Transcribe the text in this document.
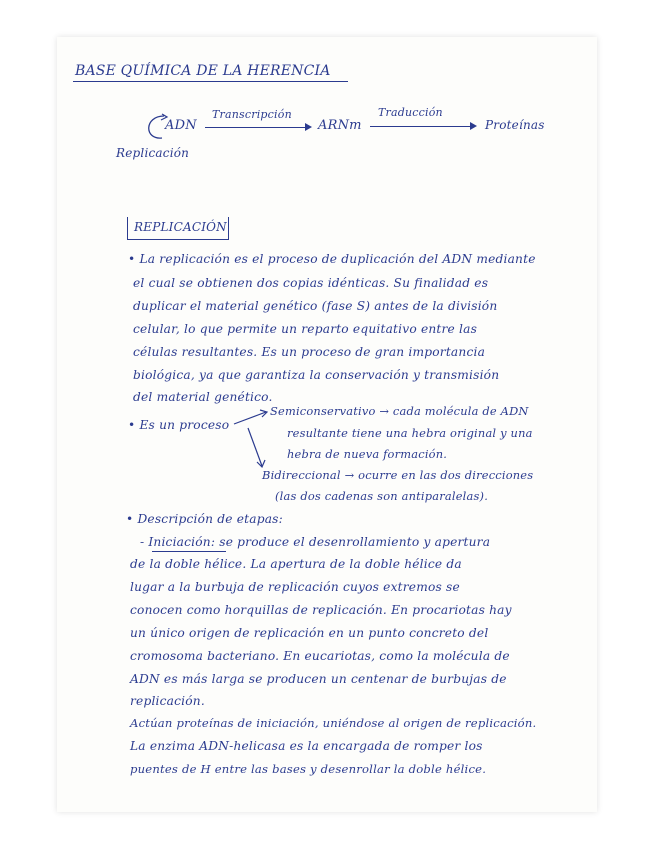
BASE QUÍMICA DE LA HERENCIA
ADN
Transcripción
ARNm
Traducción
Proteínas
Replicación
REPLICACIÓN
• La replicación es el proceso de duplicación del ADN mediante
el cual se obtienen dos copias idénticas. Su finalidad es
duplicar el material genético (fase S) antes de la división
celular, lo que permite un reparto equitativo entre las
células resultantes. Es un proceso de gran importancia
biológica, ya que garantiza la conservación y transmisión
del material genético.
• Es un proceso
Semiconservativo → cada molécula de ADN
resultante tiene una hebra original y una
hebra de nueva formación.
Bidireccional → ocurre en las dos direcciones
(las dos cadenas son antiparalelas).
• Descripción de etapas:
- Iniciación: se produce el desenrollamiento y apertura
de la doble hélice. La apertura de la doble hélice da
lugar a la burbuja de replicación cuyos extremos se
conocen como horquillas de replicación. En procariotas hay
un único origen de replicación en un punto concreto del
cromosoma bacteriano. En eucariotas, como la molécula de
ADN es más larga se producen un centenar de burbujas de
replicación.
Actúan proteínas de iniciación, uniéndose al origen de replicación.
La enzima ADN-helicasa es la encargada de romper los
puentes de H entre las bases y desenrollar la doble hélice.
